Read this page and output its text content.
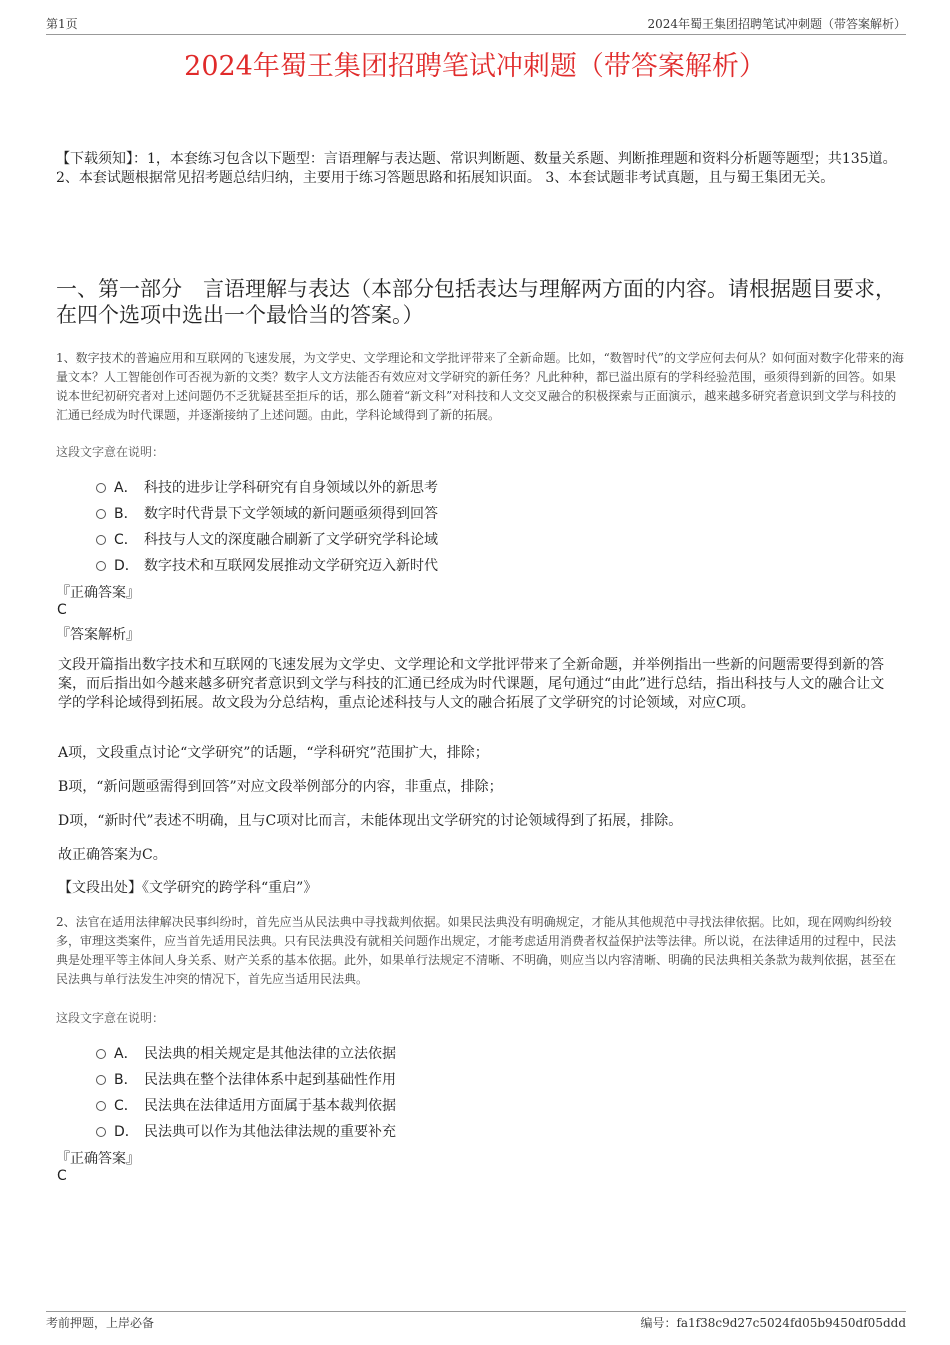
第1页	2024年蜀王集团招聘笔试冲刺题（带答案解析）
2024年蜀王集团招聘笔试冲刺题（带答案解析）
【下载须知】：1，本套练习包含以下题型：言语理解与表达题、常识判断题、数量关系题、判断推理题和资料分析题等题型；共135道。 2、本套试题根据常见招考题总结归纳，主要用于练习答题思路和拓展知识面。 3、本套试题非考试真题，且与蜀王集团无关。
一、第一部分　言语理解与表达（本部分包括表达与理解两方面的内容。请根据题目要求，在四个选项中选出一个最恰当的答案。）
1、数字技术的普遍应用和互联网的飞速发展，为文学史、文学理论和文学批评带来了全新命题。比如，“数智时代”的文学应何去何从？如何面对数字化带来的海量文本？人工智能创作可否视为新的文类？数字人文方法能否有效应对文学研究的新任务？凡此种种，都已溢出原有的学科经验范围，亟须得到新的回答。如果说本世纪初研究者对上述问题仍不乏犹疑甚至拒斥的话，那么随着“新文科”对科技和人文交叉融合的积极探索与正面演示，越来越多研究者意识到文学与科技的汇通已经成为时代课题，并逐渐接纳了上述问题。由此，学科论域得到了新的拓展。
这段文字意在说明：
A． 科技的进步让学科研究有自身领域以外的新思考
B． 数字时代背景下文学领域的新问题亟须得到回答
C． 科技与人文的深度融合刷新了文学研究学科论域
D． 数字技术和互联网发展推动文学研究迈入新时代
『正确答案』
C
『答案解析』
文段开篇指出数字技术和互联网的飞速发展为文学史、文学理论和文学批评带来了全新命题，并举例指出一些新的问题需要得到新的答案，而后指出如今越来越多研究者意识到文学与科技的汇通已经成为时代课题，尾句通过“由此”进行总结，指出科技与人文的融合让文学的学科论域得到拓展。故文段为分总结构，重点论述科技与人文的融合拓展了文学研究的讨论领域，对应C项。
A项，文段重点讨论“文学研究”的话题，“学科研究”范围扩大，排除；
B项，“新问题亟需得到回答”对应文段举例部分的内容，非重点，排除；
D项，“新时代”表述不明确，且与C项对比而言，未能体现出文学研究的讨论领域得到了拓展，排除。
故正确答案为C。
【文段出处】《文学研究的跨学科“重启”》
2、法官在适用法律解决民事纠纷时，首先应当从民法典中寻找裁判依据。如果民法典没有明确规定，才能从其他规范中寻找法律依据。比如，现在网购纠纷较多，审理这类案件，应当首先适用民法典。只有民法典没有就相关问题作出规定，才能考虑适用消费者权益保护法等法律。所以说，在法律适用的过程中，民法典是处理平等主体间人身关系、财产关系的基本依据。此外，如果单行法规定不清晰、不明确，则应当以内容清晰、明确的民法典相关条款为裁判依据，甚至在民法典与单行法发生冲突的情况下，首先应当适用民法典。
这段文字意在说明：
A． 民法典的相关规定是其他法律的立法依据
B． 民法典在整个法律体系中起到基础性作用
C． 民法典在法律适用方面属于基本裁判依据
D． 民法典可以作为其他法律法规的重要补充
『正确答案』
C
考前押题，上岸必备	编号：fa1f38c9d27c5024fd05b9450df05ddd
